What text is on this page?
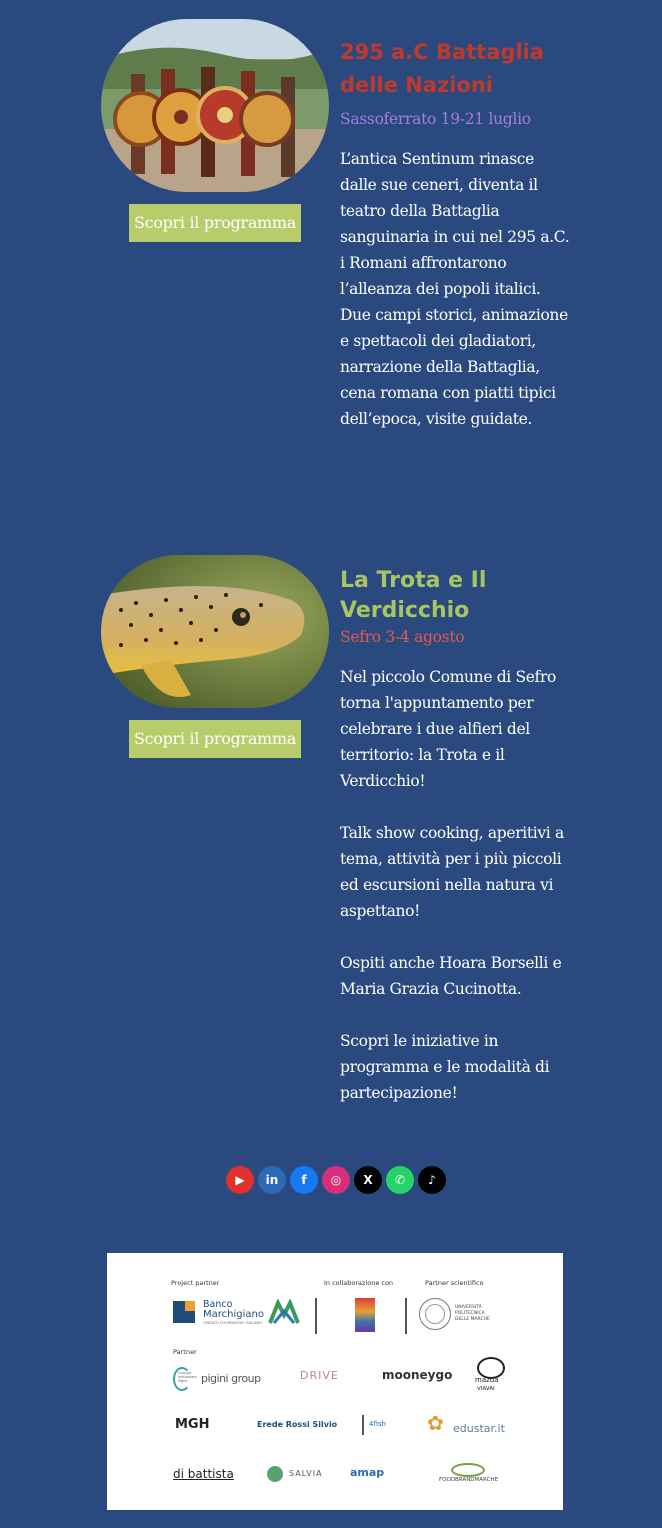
Scopri il programma
295 a.C Battaglia delle Nazioni
Sassoferrato 19-21 luglio

L’antica Sentinum rinasce dalle sue ceneri, diventa il teatro della Battaglia sanguinaria in cui nel 295 a.C. i Romani affrontarono l’alleanza dei popoli italici. Due campi storici, animazione e spettacoli dei gladiatori, narrazione della Battaglia, cena romana con piatti tipici dell’epoca, visite guidate.

Scopri il programma
La Trota e Il Verdicchio
Sefro 3-4 agosto

Nel piccolo Comune di Sefro torna l'appuntamento per celebrare i due alfieri del territorio: la Trota e il Verdicchio!

Talk show cooking, aperitivi a tema, attività per i più piccoli ed escursioni nella natura vi aspettano!

Ospiti anche Hoara Borselli e Maria Grazia Cucinotta.

Scopri le iniziative in programma e le modalità di partecipazione!

▶ in f ◎ X ✆ ♪
Project partner	In collaborazione con	Partner scientifico
Banco
Marchigiano
CREDITO COOPERATIVO ITALIANO
UNIVERSITÀ POLITECNICA DELLE MARCHE
Partner
Gruppo Industriale Pigini	pigini group	DRIVE	mooneygo	mazda
VIAVAI
MGH	Erede Rossi Silvio	4fish ✿ edustar.it
di battista	SALVIA amap
FOODBRANDMARCHE
